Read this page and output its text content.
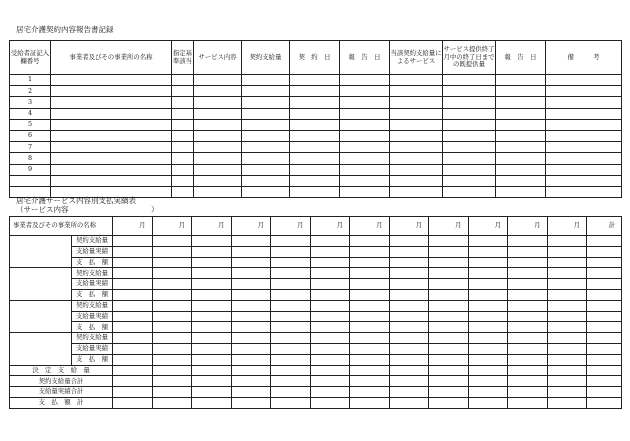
居宅介護契約内容報告書記録
受給者証記入欄番号	事業者及びその事業所の名称	指定基準該当	サービス内容	契約支給量	契　約　日	報　告　日	当該契約支給量によるサービス	サービス提供終了月中の終了日までの既提供量	報　告　日	備　　　考
1										
2										
3										
4										
5										
6										
7										
8										
9										

居宅介護サービス内容別支払実績表
（サービス内容　　　　　　　　　　　）
事業者及びその事業所の名称		月	月	月	月	月	月	月	月	月	月	月	月	計
	契約支給量													
	支給量実績													
	支　払　額													
	契約支給量													
	支給量実績													
	支　払　額													
	契約支給量													
	支給量実績													
	支　払　額													
	契約支給量													
	支給量実績													
	支　払　額													
決　定　支　給　量														
契約支給量合計														
支給量実績合計														
支　払　額　計														
